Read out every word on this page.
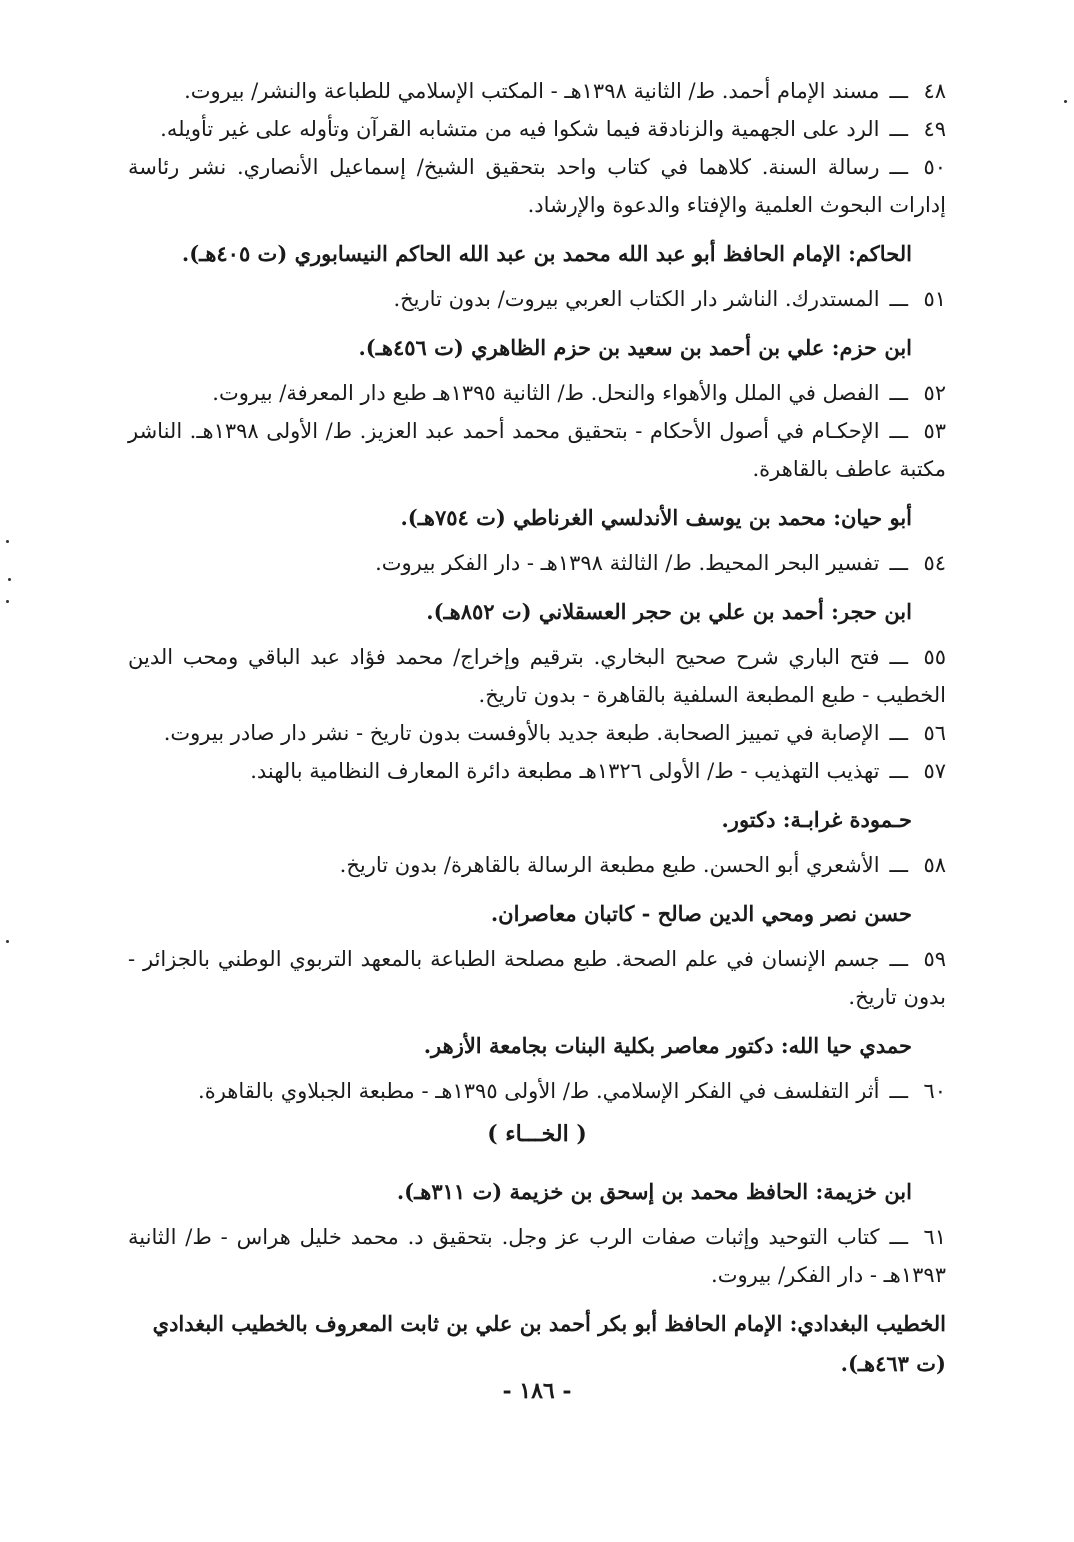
٤٨ـــمسند الإمام أحمد. ط/ الثانية ١٣٩٨هـ - المكتب الإسلامي للطباعة والنشر/ بيروت.

٤٩ـــالرد على الجهمية والزنادقة فيما شكوا فيه من متشابه القرآن وتأوله على غير تأويله.

٥٠ـــرسالة السنة. كلاهما في كتاب واحد بتحقيق الشيخ/ إسماعيل الأنصاري. نشر رئاسة إدارات البحوث العلمية والإفتاء والدعوة والإرشاد.

الحاكم: الإمام الحافظ أبو عبد الله محمد بن عبد الله الحاكم النيسابوري (ت ٤٠٥هـ).

٥١ـــالمستدرك. الناشر دار الكتاب العربي بيروت/ بدون تاريخ.

ابن حزم: علي بن أحمد بن سعيد بن حزم الظاهري (ت ٤٥٦هـ).

٥٢ـــالفصل في الملل والأهواء والنحل. ط/ الثانية ١٣٩٥هـ طبع دار المعرفة/ بيروت.

٥٣ـــالإحكـام في أصول الأحكام - بتحقيق محمد أحمد عبد العزيز. ط/ الأولى ١٣٩٨هـ. الناشر مكتبة عاطف بالقاهرة.

أبو حيان: محمد بن يوسف الأندلسي الغرناطي (ت ٧٥٤هـ).

٥٤ـــتفسير البحر المحيط. ط/ الثالثة ١٣٩٨هـ - دار الفكر بيروت.

ابن حجر: أحمد بن علي بن حجر العسقلاني (ت ٨٥٢هـ).

٥٥ـــفتح الباري شرح صحيح البخاري. بترقيم وإخراج/ محمد فؤاد عبد الباقي ومحب الدين الخطيب - طبع المطبعة السلفية بالقاهرة - بدون تاريخ.

٥٦ـــالإصابة في تمييز الصحابة. طبعة جديد بالأوفست بدون تاريخ - نشر دار صادر بيروت.

٥٧ـــتهذيب التهذيب - ط/ الأولى ١٣٢٦هـ مطبعة دائرة المعارف النظامية بالهند.

حـمودة غرابـة: دكتور.

٥٨ـــالأشعري أبو الحسن. طبع مطبعة الرسالة بالقاهرة/ بدون تاريخ.

حسن نصر ومحي الدين صالح - كاتبان معاصران.

٥٩ـــجسم الإنسان في علم الصحة. طبع مصلحة الطباعة بالمعهد التربوي الوطني بالجزائر - بدون تاريخ.

حمدي حيا الله: دكتور معاصر بكلية البنات بجامعة الأزهر.

٦٠ـــأثر التفلسف في الفكر الإسلامي. ط/ الأولى ١٣٩٥هـ - مطبعة الجبلاوي بالقاهرة.

( الخـــاء )

ابن خزيمة: الحافظ محمد بن إسحق بن خزيمة (ت ٣١١هـ).

٦١ـــكتاب التوحيد وإثبات صفات الرب عز وجل. بتحقيق د. محمد خليل هراس - ط/ الثانية ١٣٩٣هـ - دار الفكر/ بيروت.

الخطيب البغدادي: الإمام الحافظ أبو بكر أحمد بن علي بن ثابت المعروف بالخطيب البغدادي (ت ٤٦٣هـ).

- ١٨٦ -
